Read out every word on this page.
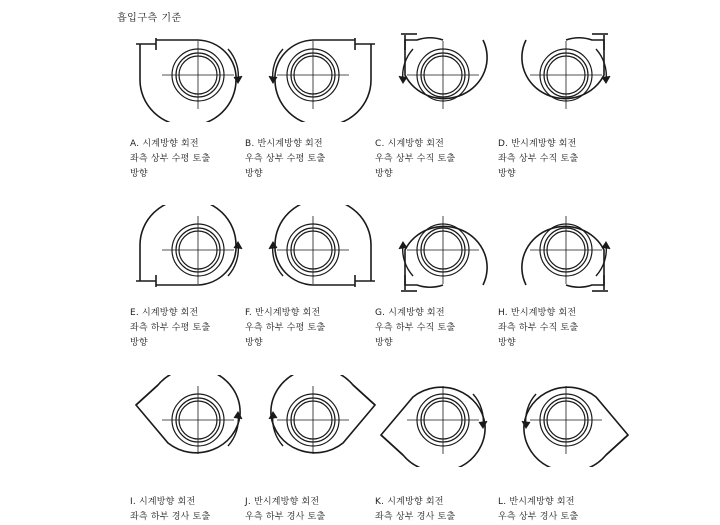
흡입구측 기준
A. 시계방향 회전
좌측 상부 수평 토출
방향
B. 반시계방향 회전
우측 상부 수평 토출
방향
C. 시계방향 회전
우측 상부 수직 토출
방향
D. 반시계방향 회전
좌측 상부 수직 토출
방향
E. 시계방향 회전
좌측 하부 수평 토출
방향
F. 반시계방향 회전
우측 하부 수평 토출
방향
G. 시계방향 회전
우측 하부 수직 토출
방향
H. 반시계방향 회전
좌측 하부 수직 토출
방향
I. 시계방향 회전
좌측 하부 경사 토출
J. 반시계방향 회전
우측 하부 경사 토출
K. 시계방향 회전
좌측 상부 경사 토출
L. 반시계방향 회전
우측 상부 경사 토출
